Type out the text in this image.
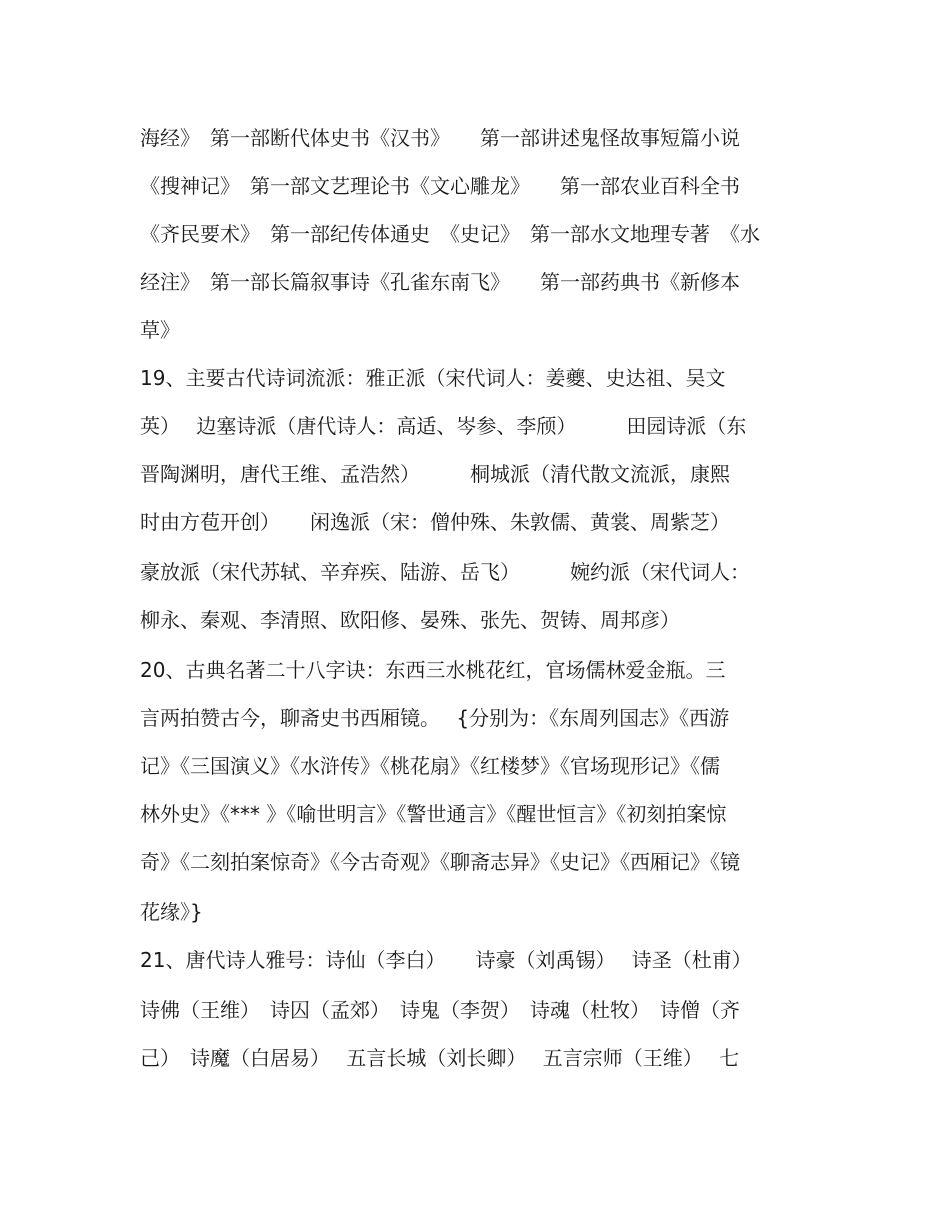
海经》　第一部断代体史书《汉书》　　第一部讲述鬼怪故事短篇小说
《搜神记》　第一部文艺理论书《文心雕龙》　　第一部农业百科全书
《齐民要术》　第一部纪传体通史　《史记》　第一部水文地理专著　《水
经注》　第一部长篇叙事诗《孔雀东南飞》　　第一部药典书《新修本
草》
19、主要古代诗词流派：雅正派（宋代词人：姜夔、史达祖、吴文
英）　 边塞诗派（唐代诗人：高适、岑参、李颀）　　　田园诗派（东
晋陶渊明，唐代王维、孟浩然）　　　桐城派（清代散文流派，康熙
时由方苞开创）　　闲逸派（宋：僧仲殊、朱敦儒、黄裳、周紫芝）
豪放派（宋代苏轼、辛弃疾、陆游、岳飞）　　　婉约派（宋代词人：
柳永、秦观、李清照、欧阳修、晏殊、张先、贺铸、周邦彦）
20、古典名著二十八字诀：东西三水桃花红，官场儒林爱金瓶。三
言两拍赞古今，聊斋史书西厢镜。　 {分别为：《东周列国志》《西游
记》《三国演义》《水浒传》《桃花扇》《红楼梦》《官场现形记》《儒
林外史》《*** 》《喻世明言》《警世通言》《醒世恒言》《初刻拍案惊
奇》《二刻拍案惊奇》《今古奇观》《聊斋志异》《史记》《西厢记》《镜
花缘》}
21、唐代诗人雅号：诗仙（李白）　　诗豪（刘禹锡）　 诗圣（杜甫）
诗佛（王维）　诗囚（孟郊）　诗鬼（李贺）　诗魂（杜牧）　诗僧（齐
己）　诗魔（白居易）　 五言长城（刘长卿）　 五言宗师（王维）　 七
